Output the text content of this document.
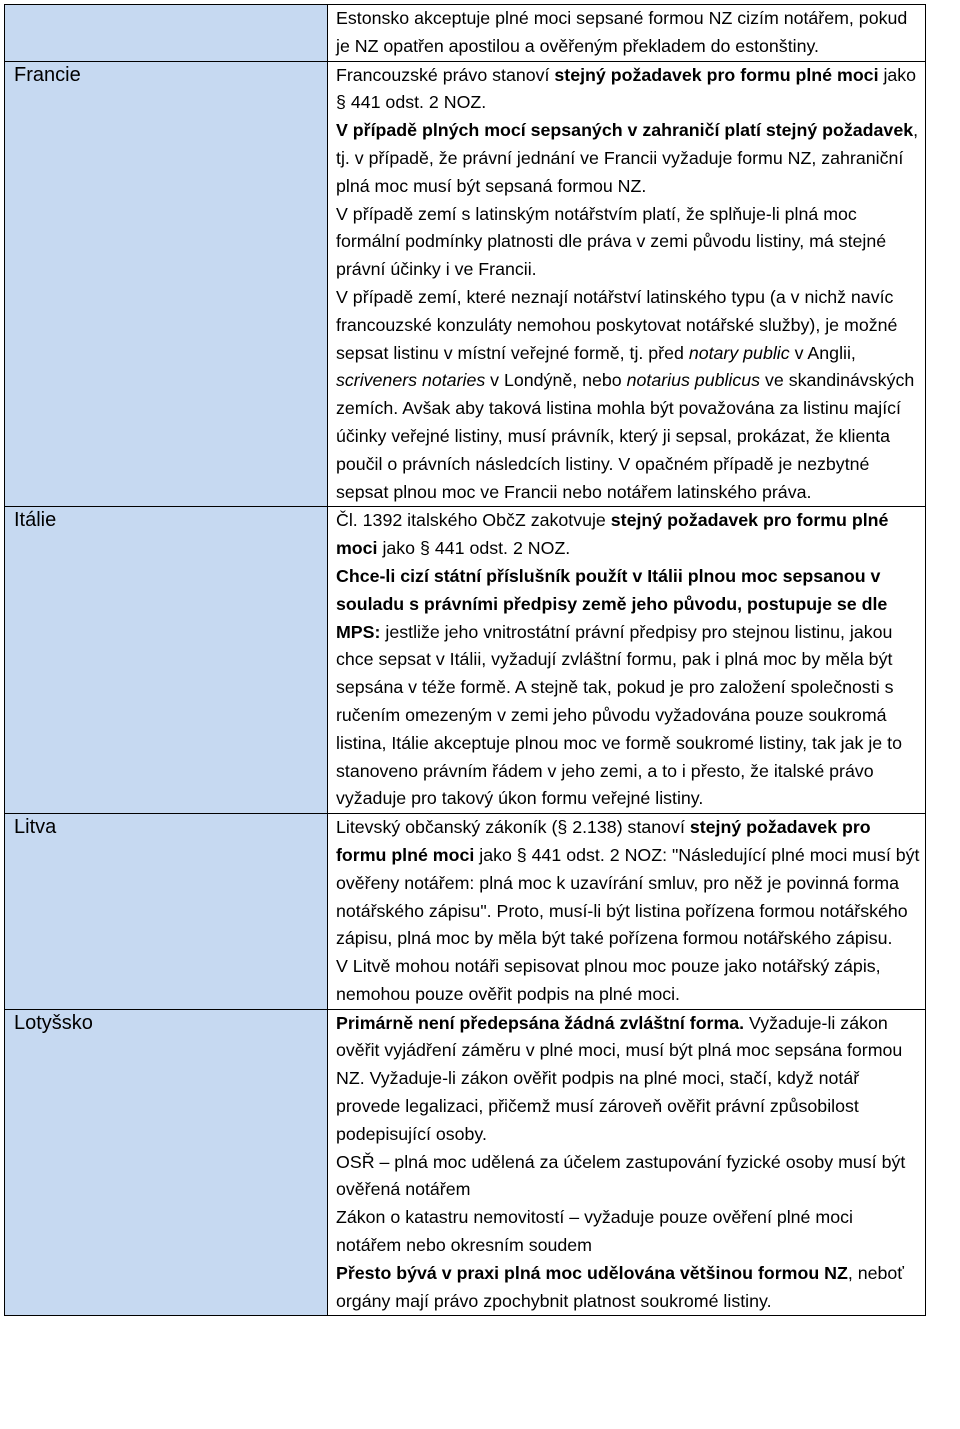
	Estonsko akceptuje plné moci sepsané formou NZ cizím notářem, pokud je NZ opatřen apostilou a ověřeným překladem do estonštiny.

Francie	Francouzské právo stanoví stejný požadavek pro formu plné moci jako § 441 odst. 2 NOZ.

V případě plných mocí sepsaných v zahraničí platí stejný požadavek, tj. v případě, že právní jednání ve Francii vyžaduje formu NZ, zahraniční plná moc musí být sepsaná formou NZ.

V případě zemí s latinským notářstvím platí, že splňuje-li plná moc formální podmínky platnosti dle práva v zemi původu listiny, má stejné právní účinky i ve Francii.

V případě zemí, které neznají notářství latinského typu (a v nichž navíc francouzské konzuláty nemohou poskytovat notářské služby), je možné sepsat listinu v místní veřejné formě, tj. před notary public v Anglii, scriveners notaries v Londýně, nebo notarius publicus ve skandinávských zemích. Avšak aby taková listina mohla být považována za listinu mající účinky veřejné listiny, musí právník, který ji sepsal, prokázat, že klienta poučil o právních následcích listiny. V opačném případě je nezbytné sepsat plnou moc ve Francii nebo notářem latinského práva.

Itálie	Čl. 1392 italského ObčZ zakotvuje stejný požadavek pro formu plné moci jako § 441 odst. 2 NOZ.

Chce-li cizí státní příslušník použít v Itálii plnou moc sepsanou v souladu s právními předpisy země jeho původu, postupuje se dle MPS: jestliže jeho vnitrostátní právní předpisy pro stejnou listinu, jakou chce sepsat v Itálii, vyžadují zvláštní formu, pak i plná moc by měla být sepsána v téže formě. A stejně tak, pokud je pro založení společnosti s ručením omezeným v zemi jeho původu vyžadována pouze soukromá listina, Itálie akceptuje plnou moc ve formě soukromé listiny, tak jak je to stanoveno právním řádem v jeho zemi, a to i přesto, že italské právo vyžaduje pro takový úkon formu veřejné listiny.

Litva	Litevský občanský zákoník (§ 2.138) stanoví stejný požadavek pro formu plné moci jako § 441 odst. 2 NOZ: "Následující plné moci musí být ověřeny notářem: plná moc k uzavírání smluv, pro něž je povinná forma notářského zápisu". Proto, musí-li být listina pořízena formou notářského zápisu, plná moc by měla být také pořízena formou notářského zápisu.

V Litvě mohou notáři sepisovat plnou moc pouze jako notářský zápis, nemohou pouze ověřit podpis na plné moci.

Lotyšsko	Primárně není předepsána žádná zvláštní forma. Vyžaduje-li zákon ověřit vyjádření záměru v plné moci, musí být plná moc sepsána formou NZ. Vyžaduje-li zákon ověřit podpis na plné moci, stačí, když notář provede legalizaci, přičemž musí zároveň ověřit právní způsobilost podepisující osoby.

OSŘ – plná moc udělená za účelem zastupování fyzické osoby musí být ověřená notářem

Zákon o katastru nemovitostí – vyžaduje pouze ověření plné moci notářem nebo okresním soudem

Přesto bývá v praxi plná moc udělována většinou formou NZ, neboť orgány mají právo zpochybnit platnost soukromé listiny.
